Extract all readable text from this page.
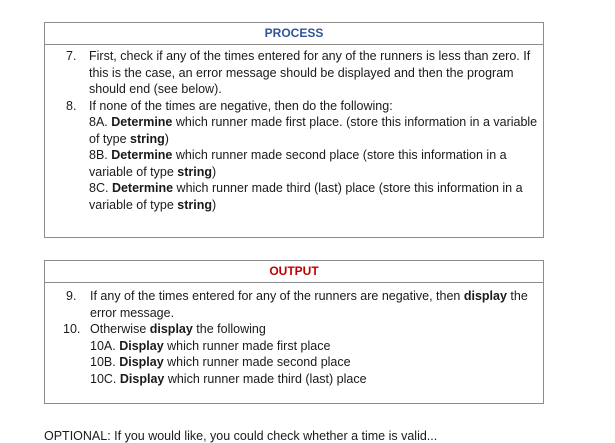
PROCESS
7. First, check if any of the times entered for any of the runners is less than zero. If this is the case, an error message should be displayed and then the program should end (see below).
8. If none of the times are negative, then do the following:
8A. Determine which runner made first place. (store this information in a variable of type string)
8B. Determine which runner made second place (store this information in a variable of type string)
8C. Determine which runner made third (last) place (store this information in a variable of type string)
OUTPUT
9. If any of the times entered for any of the runners are negative, then display the error message.
10. Otherwise display the following
10A. Display which runner made first place
10B. Display which runner made second place
10C. Display which runner made third (last) place
OPTIONAL: If you would like, you could check whether a time is valid...
